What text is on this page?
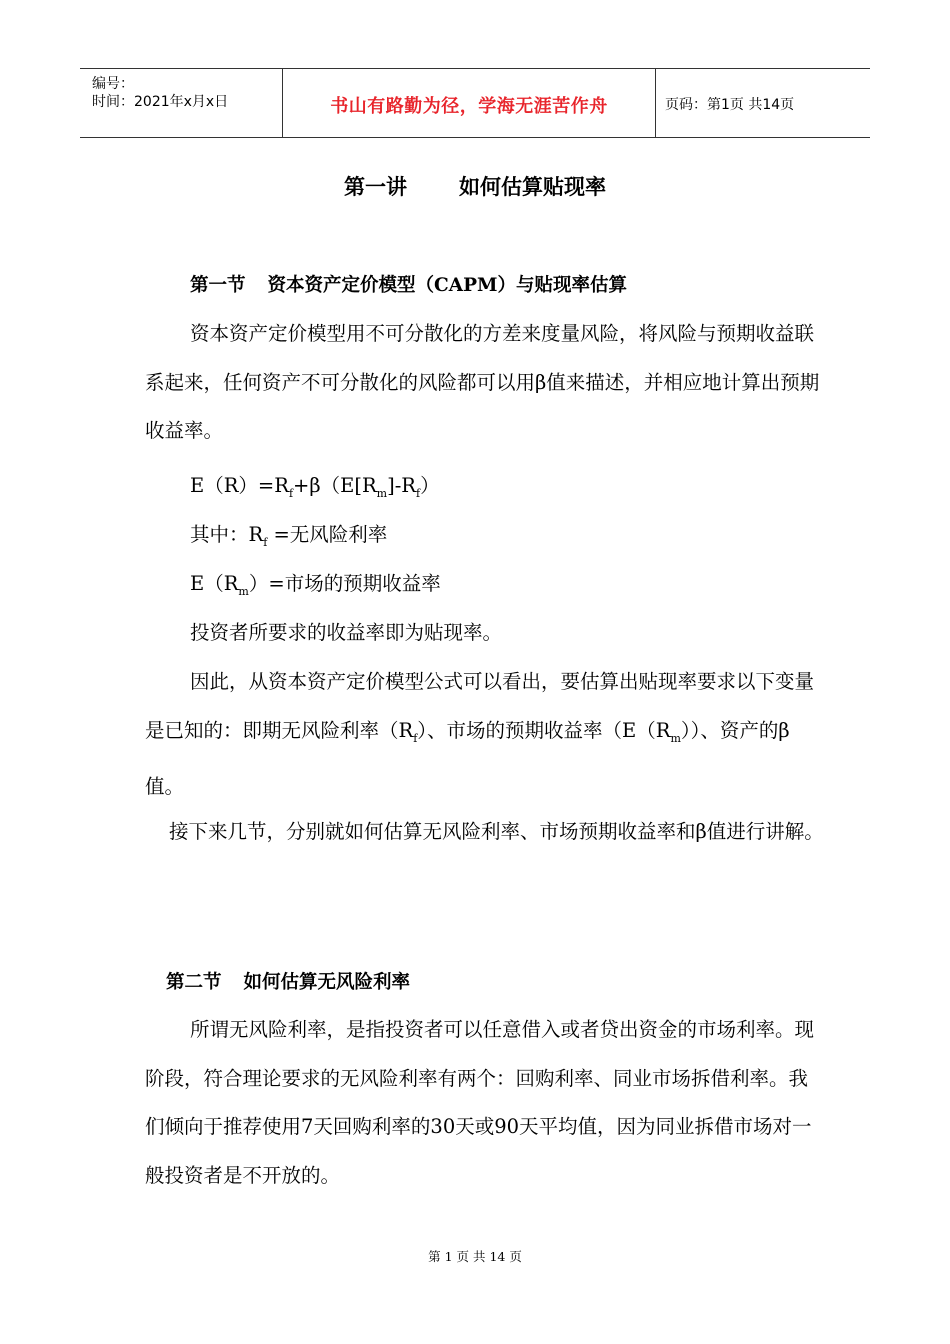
编号：
时间：2021年x月x日	书山有路勤为径，学海无涯苦作舟	页码：第1页 共14页
第一讲 如何估算贴现率
第一节 资本资产定价模型（CAPM）与贴现率估算
资本资产定价模型用不可分散化的方差来度量风险，将风险与预期收益联系起来，任何资产不可分散化的风险都可以用β值来描述，并相应地计算出预期收益率。
$E(R)=R_f+\beta(E[R_m]-R_f)$
其中：$R_f$ =无风险利率
$E(R_m)=$市场的预期收益率
投资者所要求的收益率即为贴现率。
因此，从资本资产定价模型公式可以看出，要估算出贴现率要求以下变量是已知的：即期无风险利率$(R_f)$、市场的预期收益率$(E(R_m))$、资产的β值。
接下来几节，分别就如何估算无风险利率、市场预期收益率和β值进行讲解。
第二节 如何估算无风险利率
所谓无风险利率，是指投资者可以任意借入或者贷出资金的市场利率。现阶段，符合理论要求的无风险利率有两个：回购利率、同业市场拆借利率。我们倾向于推荐使用7天回购利率的30天或90天平均值，因为同业拆借市场对一般投资者是不开放的。
第 1 页 共 14 页
